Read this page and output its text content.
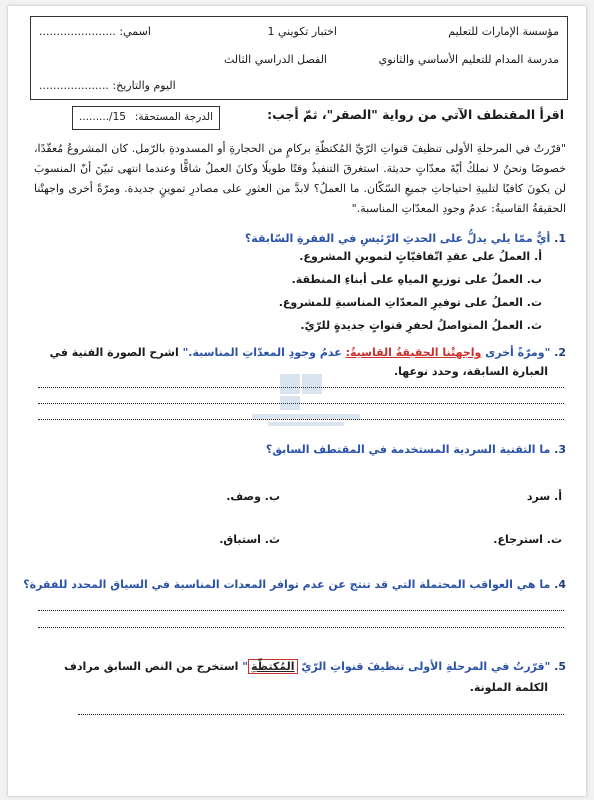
مؤسسة الإمارات للتعليم
اختبار تكويني 1
اسمي: ......................
مدرسة المدام للتعليم الأساسي والثانوي
الفصل الدراسي الثالث
اليوم والتاريخ: ....................
الدرجة المستحقة:
........./15	اقرأ المقتطف الآتي من رواية "الصقر"، ثمّ أجب:
"قرّرتُ في المرحلةِ الأولى تنظيفَ قنواتِ الرّيِّ المُكتظّةِ بركامٍ من الحجارةِ أو المسدودةِ بالرّمل. كان المشروعُ مُعقّدًا، خصوصًا ونحنُ لا نملكُ أيّةَ معدّاتٍ حديثة. استغرقَ التنفيذُ وقتًا طويلًا وكانَ العملُ شاقًّا وعندما انتهى تبيّنَ أنّ المنسوبَ لن يكونَ كافيًا لتلبيةِ احتياجاتِ جميعِ السّكّان. ما العملُ؟ لابدَّ من العثورِ على مصادرِ تموينٍ جديدة. ومرّةً أخرى واجهتْنا الحقيقةُ القاسيةُ: عدمُ وجودِ المعدّاتِ المناسبة."
1. أيٌّ ممّا يلي يدلُّ على الحدثِ الرّئيسِ في الفقرةِ السّابقة؟
أ. العملُ على عقدِ اتّفاقيّاتٍ لتموينِ المشروع.
ب. العملُ على توزيعِ المياهِ على أبناءِ المنطقة.
ت. العملُ على توفيرِ المعدّاتِ المناسبةِ للمشروع.
ث. العملُ المتواصلُ لحفرِ قنواتٍ جديدةٍ للرّيّ.
2. "ومرّةً أخرى واجهتْنا الحقيقةُ القاسيةُ: عدمُ وجودِ المعدّاتِ المناسبة." اشرح الصورة الفنية في
العبارة السابقة، وحدد نوعها.
3. ما التقنية السردية المستخدمة في المقتطف السابق؟
أ. سرد
ب. وصف.
ت. استرجاع.
ث. استباق.
4. ما هي العواقب المحتملة التي قد تنتج عن عدم توافر المعدات المناسبة في السياق المحدد للفقرة؟
5. "قرّرتُ في المرحلةِ الأولى تنظيفَ قنواتِ الرّيّ المُكتظّةِ" استخرج من النص السابق مرادف
الكلمة الملونة.
